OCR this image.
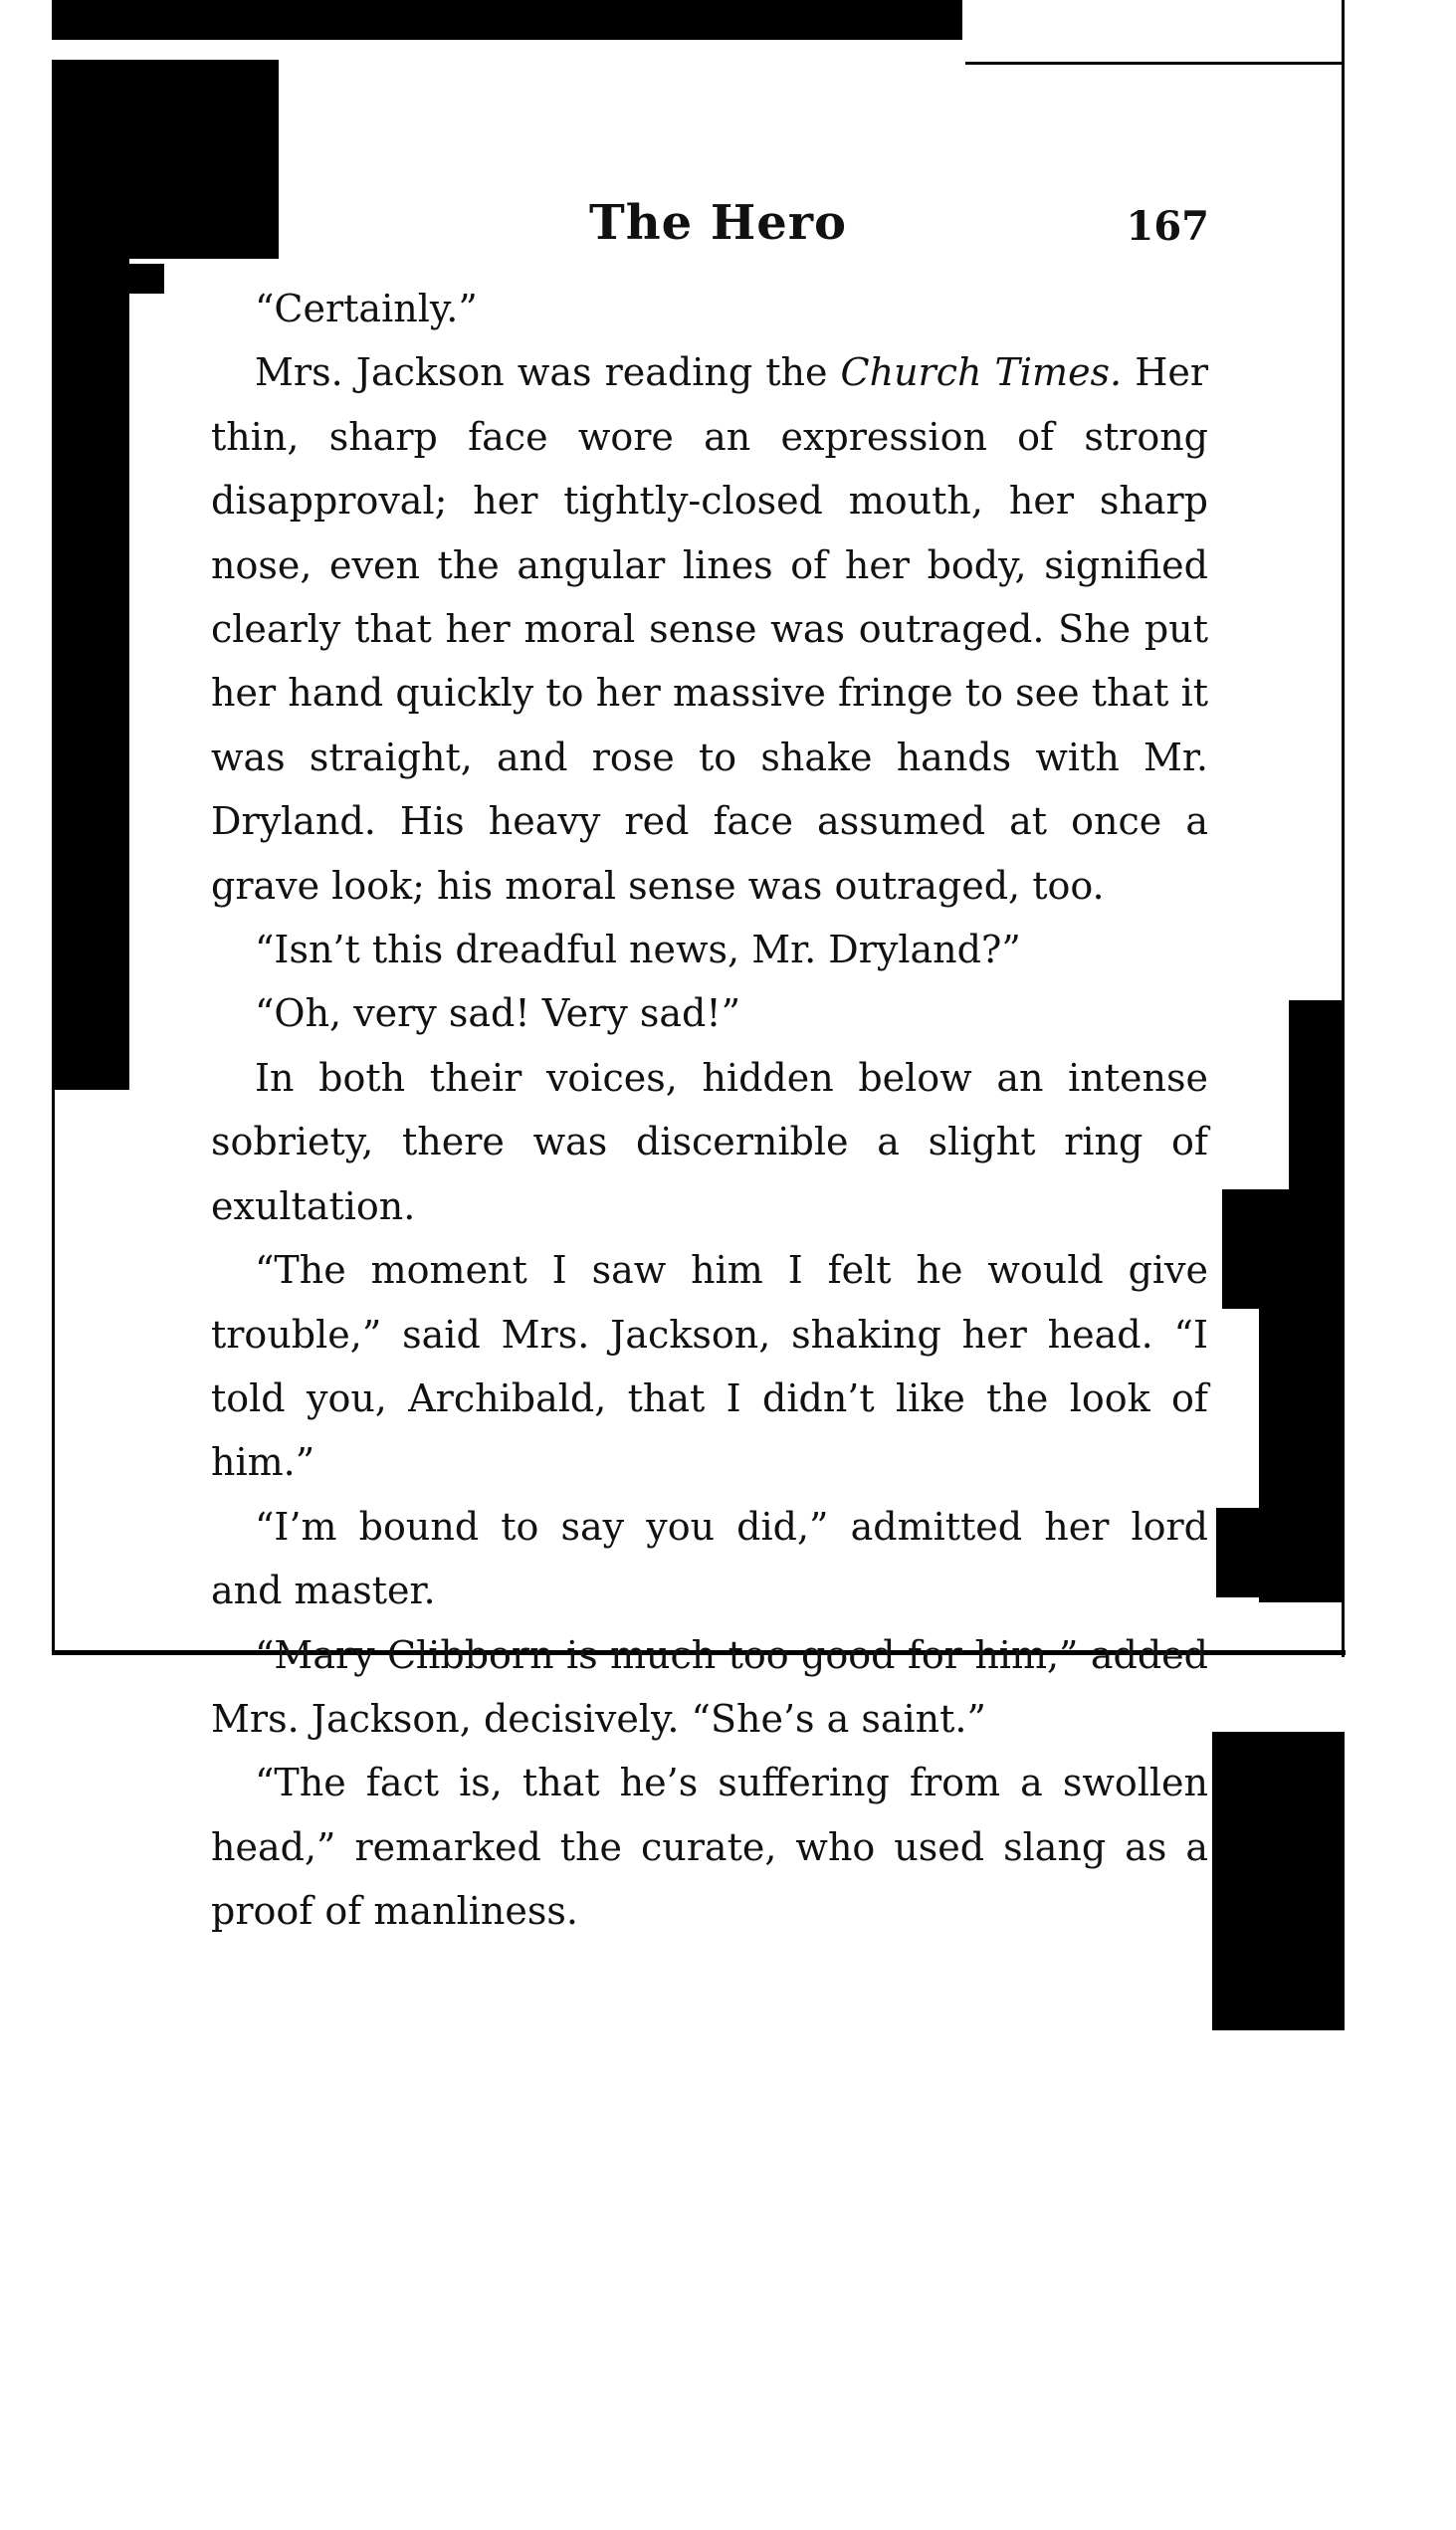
The Hero	167

“Certainly.”

Mrs. Jackson was reading the Church Times. Her thin, sharp face wore an expression of strong disapproval; her tightly-closed mouth, her sharp nose, even the angular lines of her body, signified clearly that her moral sense was outraged. She put her hand quickly to her massive fringe to see that it was straight, and rose to shake hands with Mr. Dryland. His heavy red face assumed at once a grave look; his moral sense was outraged, too.

“Isn’t this dreadful news, Mr. Dryland?”

“Oh, very sad! Very sad!”

In both their voices, hidden below an intense sobriety, there was discernible a slight ring of exultation.

“The moment I saw him I felt he would give trouble,” said Mrs. Jackson, shaking her head. “I told you, Archibald, that I didn’t like the look of him.”

“I’m bound to say you did,” admitted her lord and master.

“Mary Clibborn is much too good for him,” added Mrs. Jackson, decisively. “She’s a saint.”

“The fact is, that he’s suffering from a swollen head,” remarked the curate, who used slang as a proof of manliness.
